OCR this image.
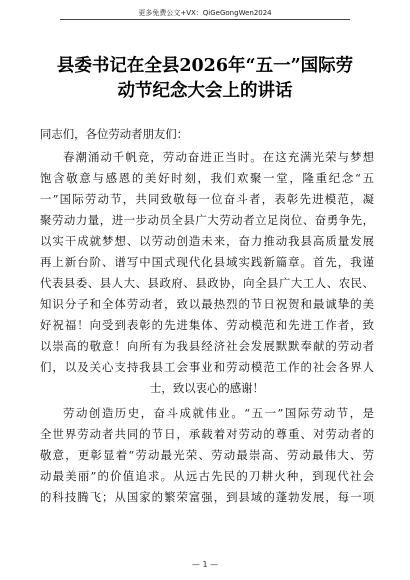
更多免费公文+VX：QiGeGongWen2024
县委书记在全县2026年“五一”国际劳
动节纪念大会上的讲话
同志们，各位劳动者朋友们：
春潮涌动千帆竞，劳动奋进正当时。在这充满光荣与梦想
饱含敬意与感恩的美好时刻，我们欢聚一堂，隆重纪念“五
一”国际劳动节，共同致敬每一位奋斗者，表彰先进模范，凝
聚劳动力量，进一步动员全县广大劳动者立足岗位、奋勇争先，
以实干成就梦想、以劳动创造未来，奋力推动我县高质量发展
再上新台阶、谱写中国式现代化县域实践新篇章。首先，我谨
代表县委、县人大、县政府、县政协，向全县广大工人、农民、
知识分子和全体劳动者，致以最热烈的节日祝贺和最诚挚的美
好祝福！向受到表彰的先进集体、劳动模范和先进工作者，致
以崇高的敬意！向所有为我县经济社会发展默默奉献的劳动者
们，以及关心支持我县工会事业和劳动模范工作的社会各界人
士，致以衷心的感谢！
劳动创造历史，奋斗成就伟业。“五一”国际劳动节，是
全世界劳动者共同的节日，承载着对劳动的尊重、对劳动者的
敬意，更彰显着“劳动最光荣、劳动最崇高、劳动最伟大、劳
动最美丽”的价值追求。从远古先民的刀耕火种，到现代社会
的科技腾飞；从国家的繁荣富强，到县域的蓬勃发展，每一项
— 1 —
